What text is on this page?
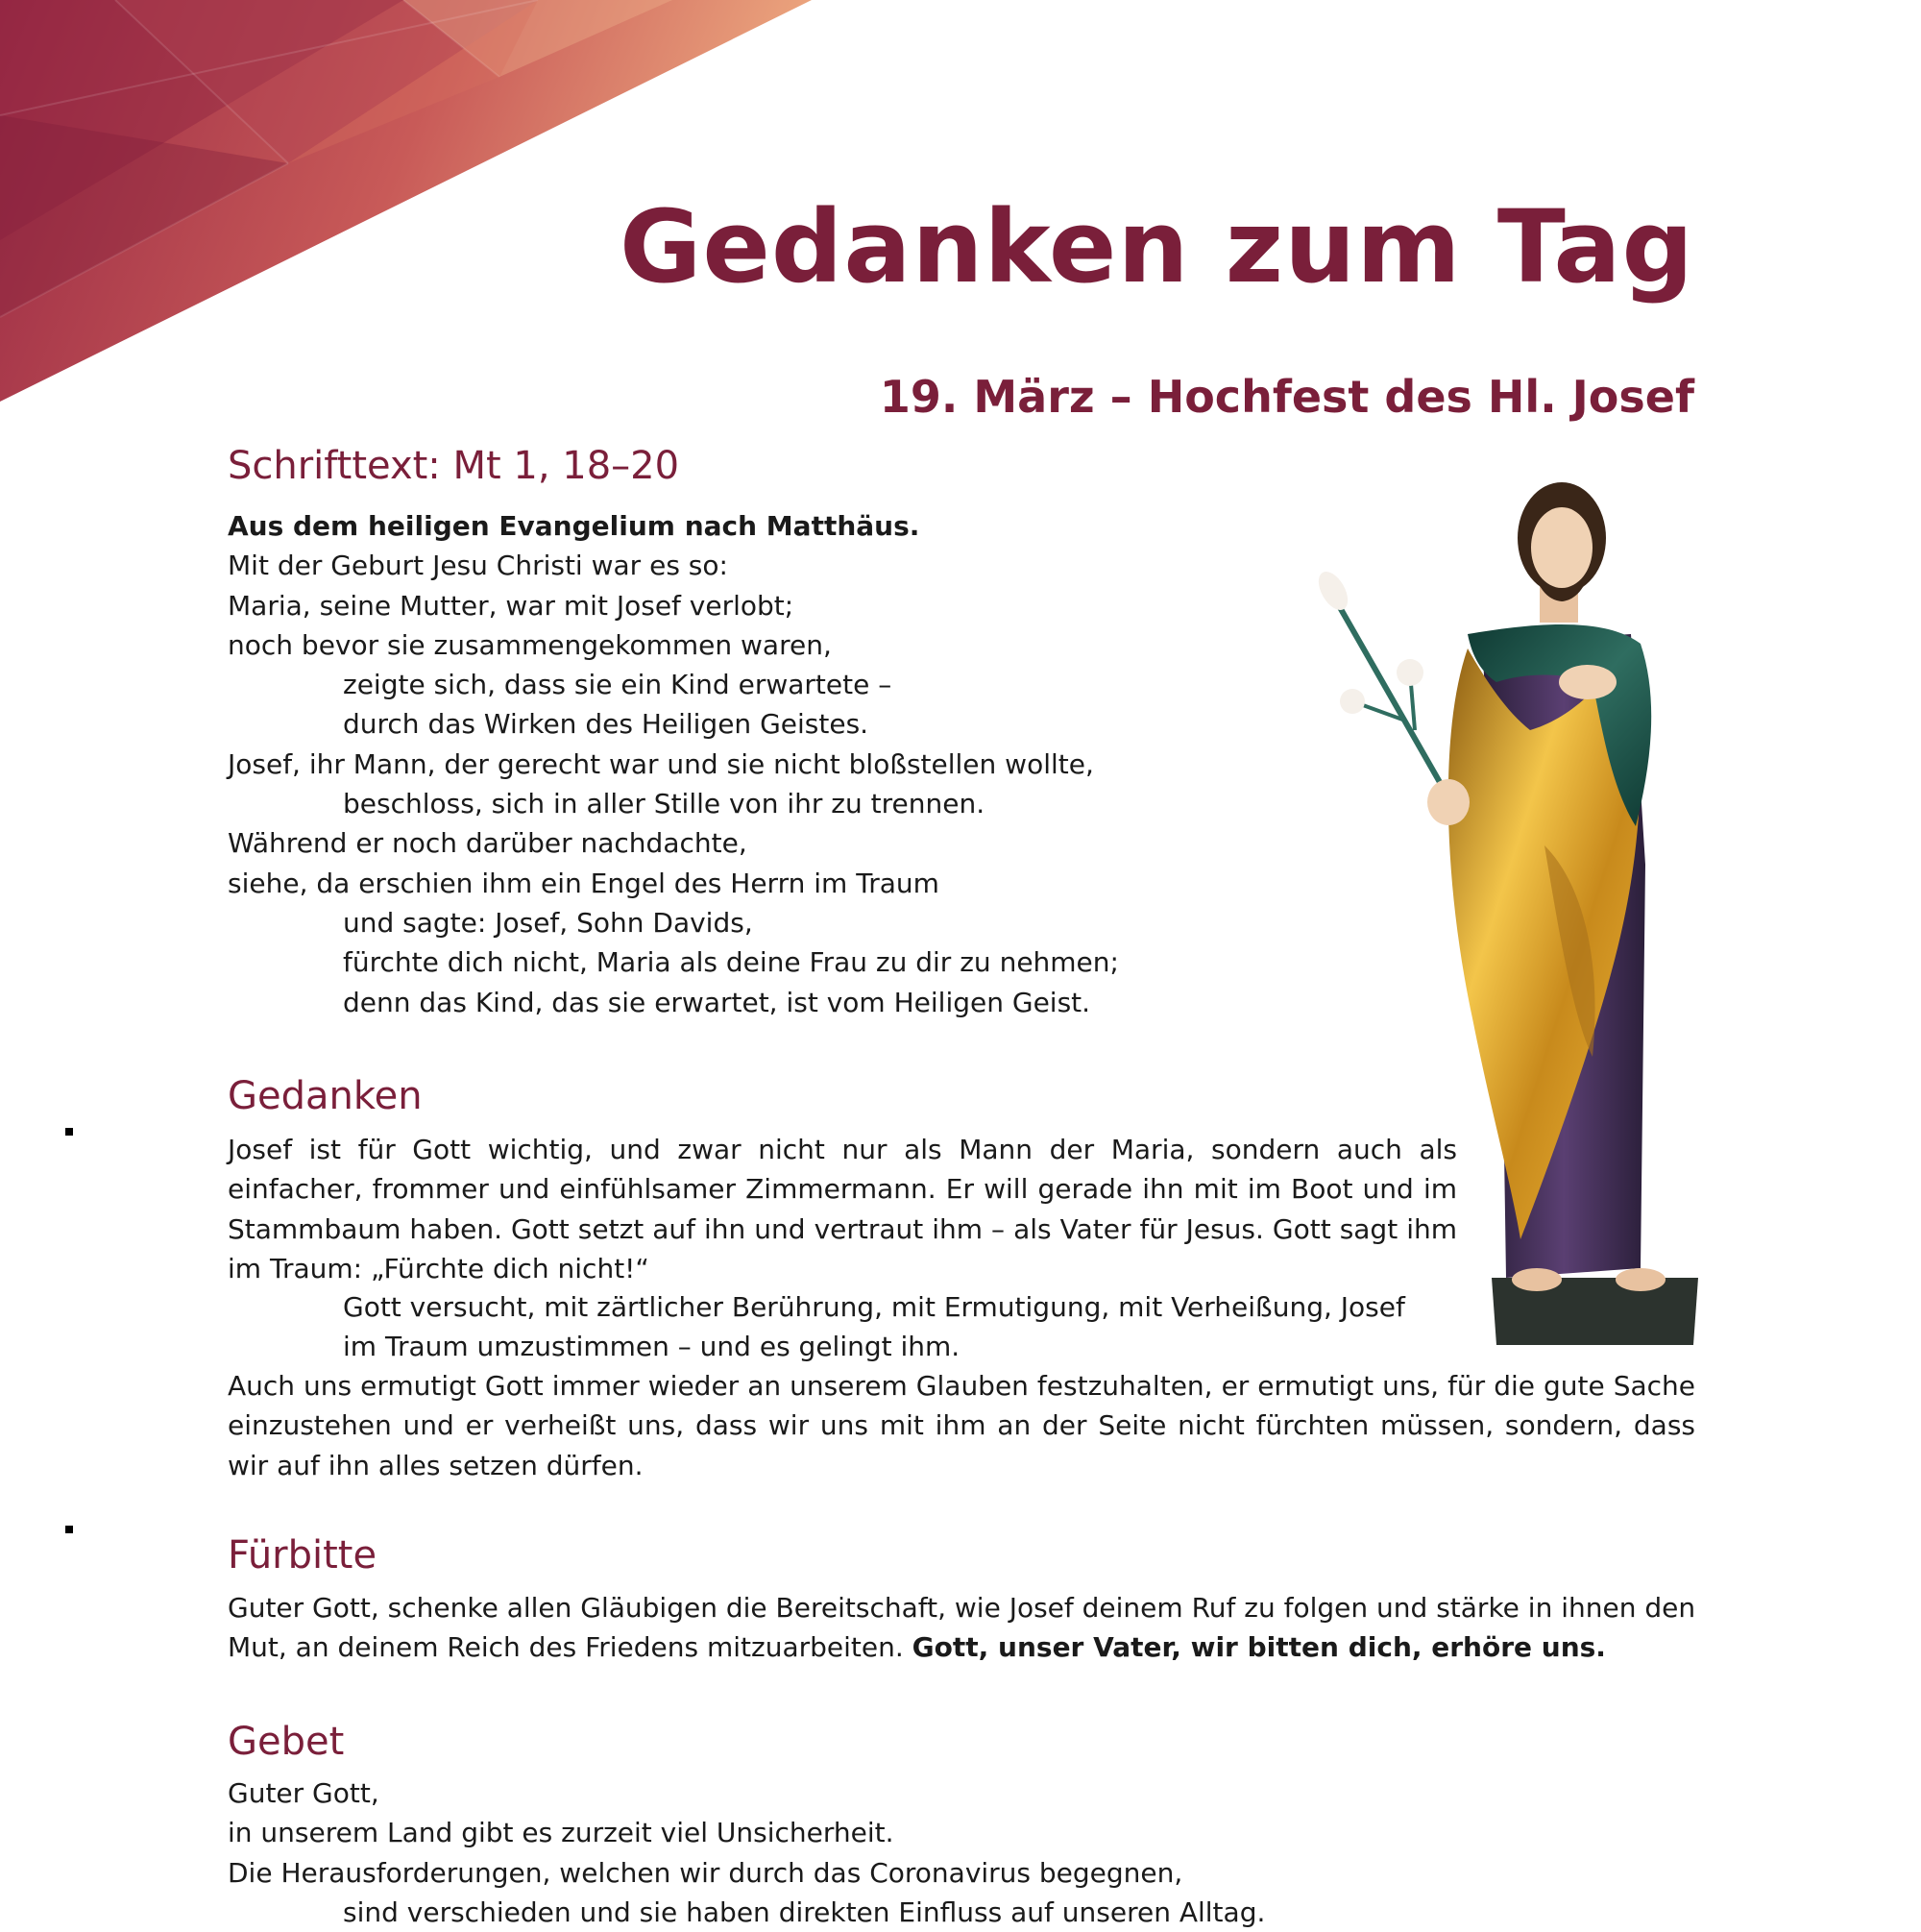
Gedanken zum Tag
19. März – Hochfest des Hl. Josef
Schrifttext: Mt 1, 18–20
Aus dem heiligen Evangelium nach Matthäus.
Mit der Geburt Jesu Christi war es so:
Maria, seine Mutter, war mit Josef verlobt;
noch bevor sie zusammengekommen waren,
zeigte sich, dass sie ein Kind erwartete –
durch das Wirken des Heiligen Geistes.
Josef, ihr Mann, der gerecht war und sie nicht bloßstellen wollte,
beschloss, sich in aller Stille von ihr zu trennen.
Während er noch darüber nachdachte,
siehe, da erschien ihm ein Engel des Herrn im Traum
und sagte: Josef, Sohn Davids,
fürchte dich nicht, Maria als deine Frau zu dir zu nehmen;
denn das Kind, das sie erwartet, ist vom Heiligen Geist.
Gedanken
Josef ist für Gott wichtig, und zwar nicht nur als Mann der Maria, sondern auch als einfacher, frommer und einfühlsamer Zimmermann. Er will gerade ihn mit im Boot und im Stammbaum haben. Gott setzt auf ihn und vertraut ihm – als Vater für Jesus. Gott sagt ihm im Traum: „Fürchte dich nicht!“
Gott versucht, mit zärtlicher Berührung, mit Ermutigung, mit Verheißung, Josef
im Traum umzustimmen – und es gelingt ihm.
Auch uns ermutigt Gott immer wieder an unserem Glauben festzuhalten, er ermutigt uns, für die gute Sache einzustehen und er verheißt uns, dass wir uns mit ihm an der Seite nicht fürchten müssen, sondern, dass wir auf ihn alles setzen dürfen.
Fürbitte
Guter Gott, schenke allen Gläubigen die Bereitschaft, wie Josef deinem Ruf zu folgen und stärke in ihnen den Mut, an deinem Reich des Friedens mitzuarbeiten. Gott, unser Vater, wir bitten dich, erhöre uns.
Gebet
Guter Gott,
in unserem Land gibt es zurzeit viel Unsicherheit.
Die Herausforderungen, welchen wir durch das Coronavirus begegnen,
sind verschieden und sie haben direkten Einfluss auf unseren Alltag.
